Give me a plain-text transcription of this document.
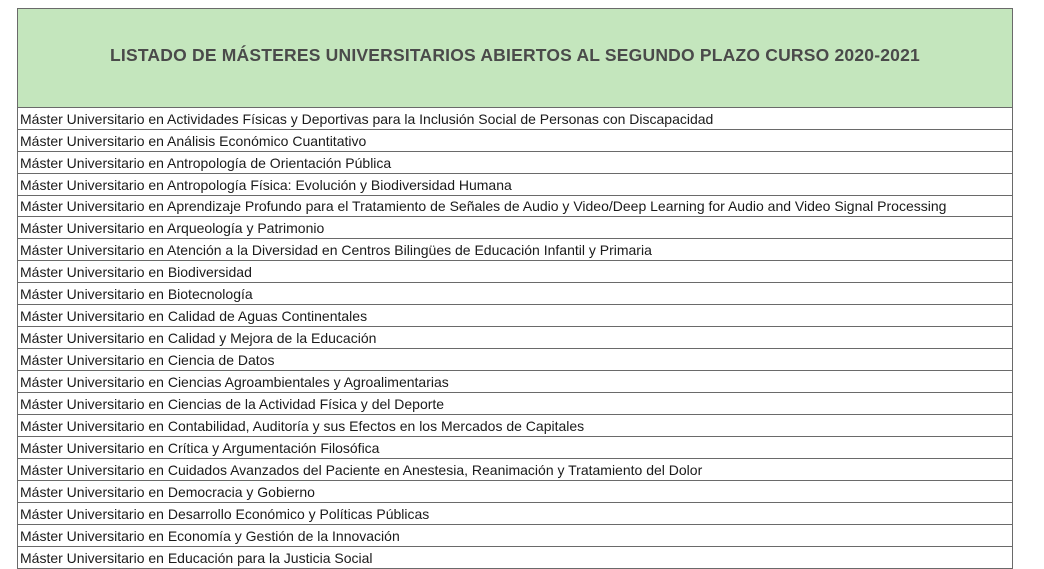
LISTADO DE MÁSTERES UNIVERSITARIOS ABIERTOS AL SEGUNDO PLAZO CURSO 2020-2021
Máster Universitario en Actividades Físicas y Deportivas para la Inclusión Social de Personas con Discapacidad
Máster Universitario en Análisis Económico Cuantitativo
Máster Universitario en Antropología de Orientación Pública
Máster Universitario en Antropología Física: Evolución y Biodiversidad Humana
Máster Universitario en Aprendizaje Profundo para el Tratamiento de Señales de Audio y Video/Deep Learning for Audio and Video Signal Processing
Máster Universitario en Arqueología y Patrimonio
Máster Universitario en Atención a la Diversidad en Centros Bilingües de Educación Infantil y Primaria
Máster Universitario en Biodiversidad
Máster Universitario en Biotecnología
Máster Universitario en Calidad de Aguas Continentales
Máster Universitario en Calidad y Mejora de la Educación
Máster Universitario en Ciencia de Datos
Máster Universitario en Ciencias Agroambientales y Agroalimentarias
Máster Universitario en Ciencias de la Actividad Física y del Deporte
Máster Universitario en Contabilidad, Auditoría y sus Efectos en los Mercados de Capitales
Máster Universitario en Crítica y Argumentación Filosófica
Máster Universitario en Cuidados Avanzados del Paciente en Anestesia, Reanimación y Tratamiento del Dolor
Máster Universitario en Democracia y Gobierno
Máster Universitario en Desarrollo Económico y Políticas Públicas
Máster Universitario en Economía y Gestión de la Innovación
Máster Universitario en Educación para la Justicia Social
